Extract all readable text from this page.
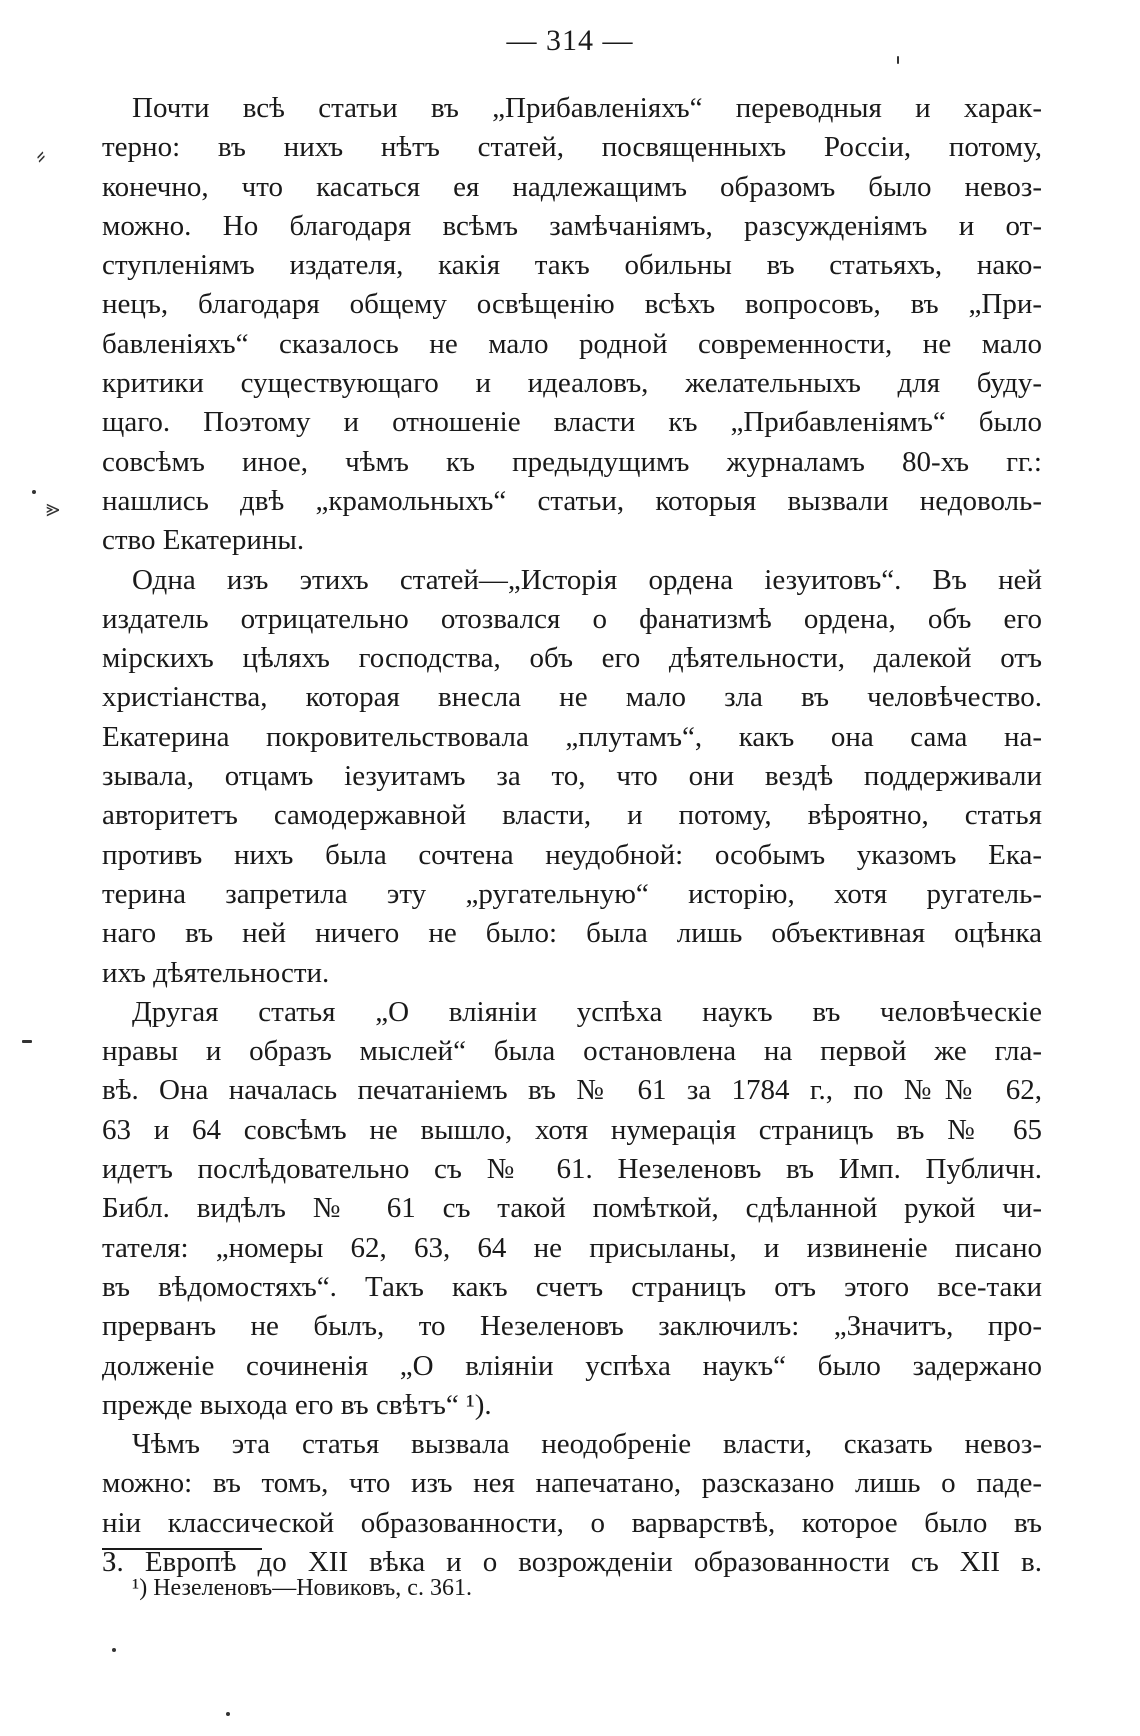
— 314 —

Почти всѣ статьи въ „Прибавленіяхъ“ переводныя и харак-
терно: въ нихъ нѣтъ статей, посвященныхъ Россіи, потому,
конечно, что касаться ея надлежащимъ образомъ было невоз-
можно. Но благодаря всѣмъ замѣчаніямъ, разсужденіямъ и от-
ступленіямъ издателя, какія такъ обильны въ статьяхъ, нако-
нецъ, благодаря общему освѣщенію всѣхъ вопросовъ, въ „При-
бавленіяхъ“ сказалось не мало родной современности, не мало
критики существующаго и идеаловъ, желательныхъ для буду-
щаго. Поэтому и отношеніе власти къ „Прибавленіямъ“ было
совсѣмъ иное, чѣмъ къ предыдущимъ журналамъ 80-хъ гг.:
нашлись двѣ „крамольныхъ“ статьи, которыя вызвали недоволь-
ство Екатерины.

Одна изъ этихъ статей—„Исторія ордена іезуитовъ“. Въ ней
издатель отрицательно отозвался о фанатизмѣ ордена, объ его
мірскихъ цѣляхъ господства, объ его дѣятельности, далекой отъ
христіанства, которая внесла не мало зла въ человѣчество.
Екатерина покровительствовала „плутамъ“, какъ она сама на-
зывала, отцамъ іезуитамъ за то, что они вездѣ поддерживали
авторитетъ самодержавной власти, и потому, вѣроятно, статья
противъ нихъ была сочтена неудобной: особымъ указомъ Ека-
терина запретила эту „ругательную“ исторію, хотя ругатель-
наго въ ней ничего не было: была лишь объективная оцѣнка
ихъ дѣятельности.

Другая статья „О вліяніи успѣха наукъ въ человѣческіе
нравы и образъ мыслей“ была остановлена на первой же гла-
вѣ. Она началась печатаніемъ въ № 61 за 1784 г., по №№ 62,
63 и 64 совсѣмъ не вышло, хотя нумерація страницъ въ № 65
идетъ послѣдовательно съ № 61. Незеленовъ въ Имп. Публичн.
Библ. видѣлъ № 61 съ такой помѣткой, сдѣланной рукой чи-
тателя: „номеры 62, 63, 64 не присыланы, и извиненіе писано
въ вѣдомостяхъ“. Такъ какъ счетъ страницъ отъ этого все-таки
прерванъ не былъ, то Незеленовъ заключилъ: „Значитъ, про-
долженіе сочиненія „О вліяніи успѣха наукъ“ было задержано
прежде выхода его въ свѣтъ“ ¹).

Чѣмъ эта статья вызвала неодобреніе власти, сказать невоз-
можно: въ томъ, что изъ нея напечатано, разсказано лишь о паде-
ніи классической образованности, о варварствѣ, которое было въ
З. Европѣ до XII вѣка и о возрожденіи образованности съ XII в.

¹) Незеленовъ—Новиковъ, с. 361.
⸗
⪢
